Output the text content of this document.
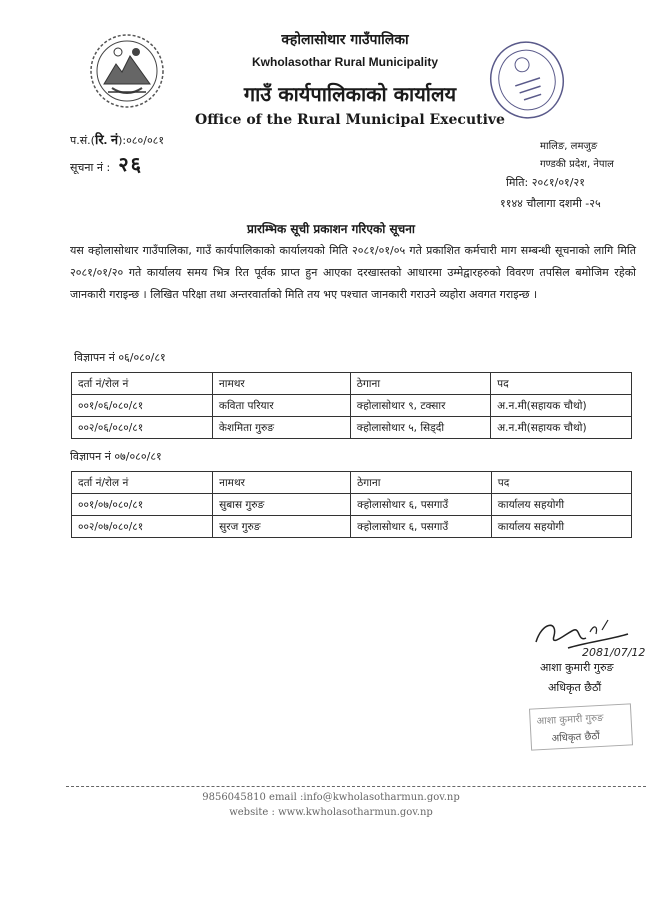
क्होलासोथार गाउँपालिका
Kwholasothar Rural Municipality
गाउँ कार्यपालिकाको कार्यालय
Office of the Rural Municipal Executive
प.सं.(रि. नं):०८०/०८१
सूचना नं : २६
मालिङ, लमजुङ
गण्डकी प्रदेश, नेपाल
मिति: २०८१/०१/२१
११४४ चौलागा दशमी -२५
प्रारम्भिक सूची प्रकाशन गरिएको सूचना
यस क्होलासोथार गाउँपालिका, गाउँ कार्यपालिकाको कार्यालयको मिति २०८१/०१/०५ गते प्रकाशित कर्मचारी माग सम्बन्धी सूचनाको लागि मिति २०८१/०१/२० गते कार्यालय समय भित्र रित पूर्वक प्राप्त हुन आएका दरखास्तको आधारमा उम्मेद्वारहरुको विवरण तपसिल बमोजिम रहेको जानकारी गराइन्छ । लिखित परिक्षा तथा अन्तरवार्ताको मिति तय भए पश्चात जानकारी गराउने व्यहोरा अवगत गराइन्छ ।
विज्ञापन नं ०६/०८०/८१
दर्ता नं/रोल नं	नामथर	ठेगाना	पद
००१/०६/०८०/८१	कविता परियार	क्होलासोथार ९, टक्सार	अ.न.मी(सहायक चौथो)
००२/०६/०८०/८१	केशमिता गुरुङ	क्होलासोथार ५, सिड्दी	अ.न.मी(सहायक चौथो)
विज्ञापन नं ०७/०८०/८१
दर्ता नं/रोल नं	नामथर	ठेगाना	पद
००१/०७/०८०/८१	सुबास गुरुङ	क्होलासोथार ६, पसगाउँ	कार्यालय सहयोगी
००२/०७/०८०/८१	सुरज गुरुङ	क्होलासोथार ६, पसगाउँ	कार्यालय सहयोगी
2081/07/12
आशा कुमारी गुरुङ
अधिकृत छैठौं
आशा कुमारी गुरुङ
अधिकृत छैठौं
9856045810 email :info@kwholasotharmun.gov.np
website : www.kwholasotharmun.gov.np
